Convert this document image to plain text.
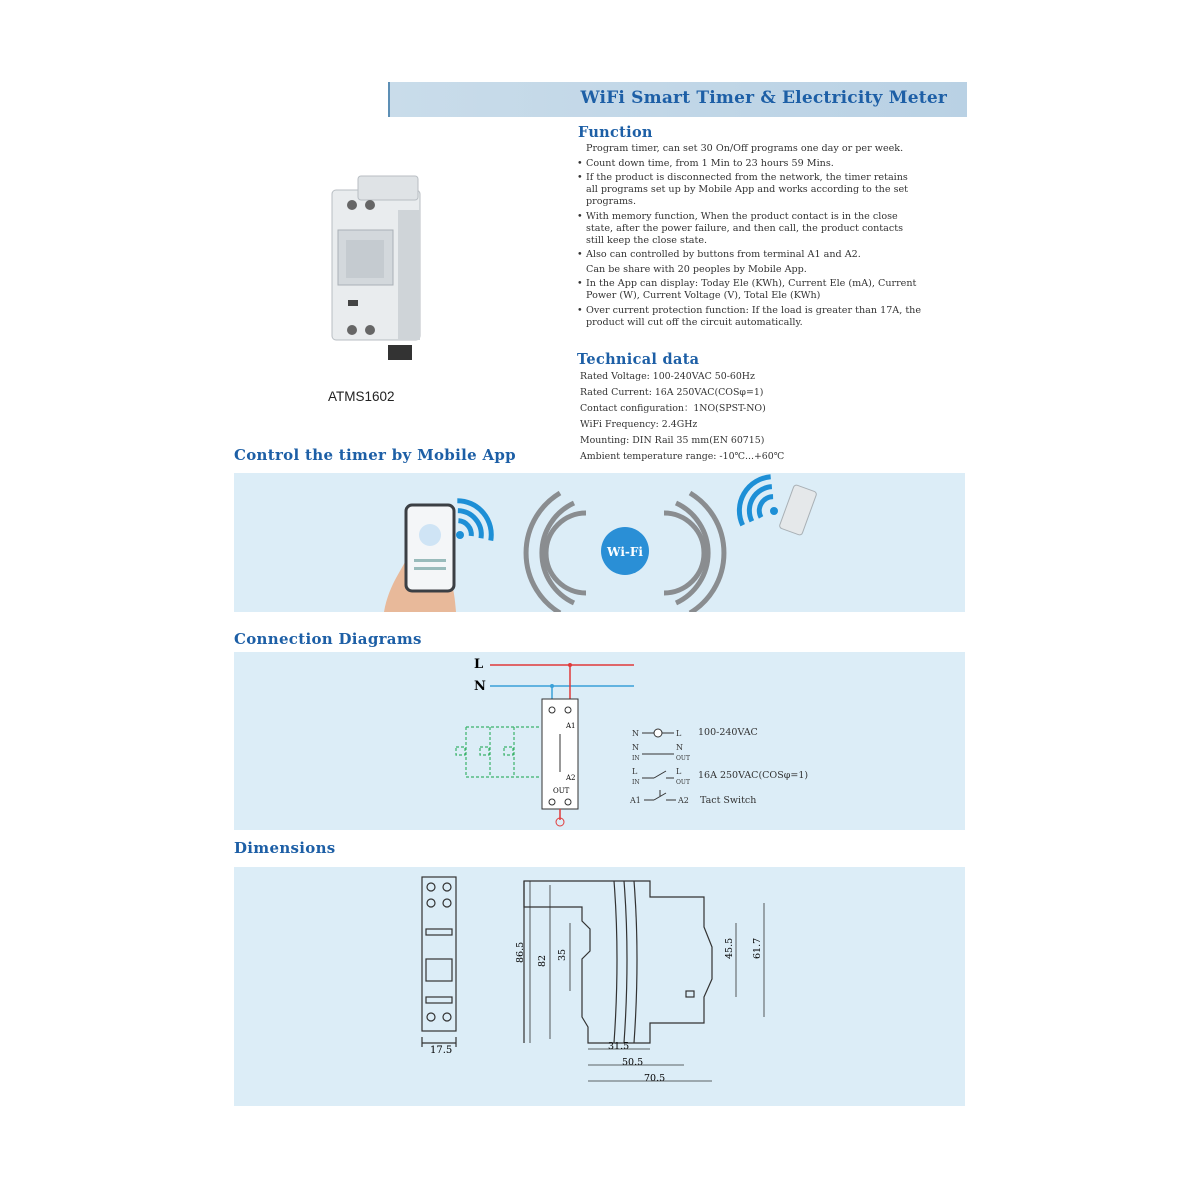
WiFi Smart Timer & Electricity Meter
ATMS1602
Function
Program timer, can set 30 On/Off programs one day or per week.
• Count down time, from 1 Min to 23 hours 59 Mins.
• If the product is disconnected from the network, the timer retains all programs set up by Mobile App and works according to the set programs.
• With memory function, When the product contact is in the close state, after the power failure, and then call, the product contacts still keep the close state.
• Also can controlled by buttons from terminal A1 and A2.
Can be share with 20 peoples by Mobile App.
• In the App can display: Today Ele (KWh), Current Ele (mA), Current Power (W), Current Voltage (V), Total Ele (KWh)
• Over current protection function: If the load is greater than 17A, the product will cut off the circuit automatically.
Technical data
Rated Voltage: 100-240VAC 50-60Hz
Rated Current: 16A 250VAC(COSφ=1)
Contact configuration：1NO(SPST-NO)
WiFi Frequency: 2.4GHz
Mounting: DIN Rail 35 mm(EN 60715)
Ambient temperature range: -10℃...+60℃
Control the timer by Mobile App
Wi-Fi
Connection Diagrams
L
N
A1
A2
OUT
N	L 100-240VAC
N
IN
N
OUT
L
IN
L
OUT
16A 250VAC(COSφ=1)
A1	A2 Tact Switch
Dimensions
17.5
86.5 82 35	45.5 61.7
31.5
50.5
70.5
